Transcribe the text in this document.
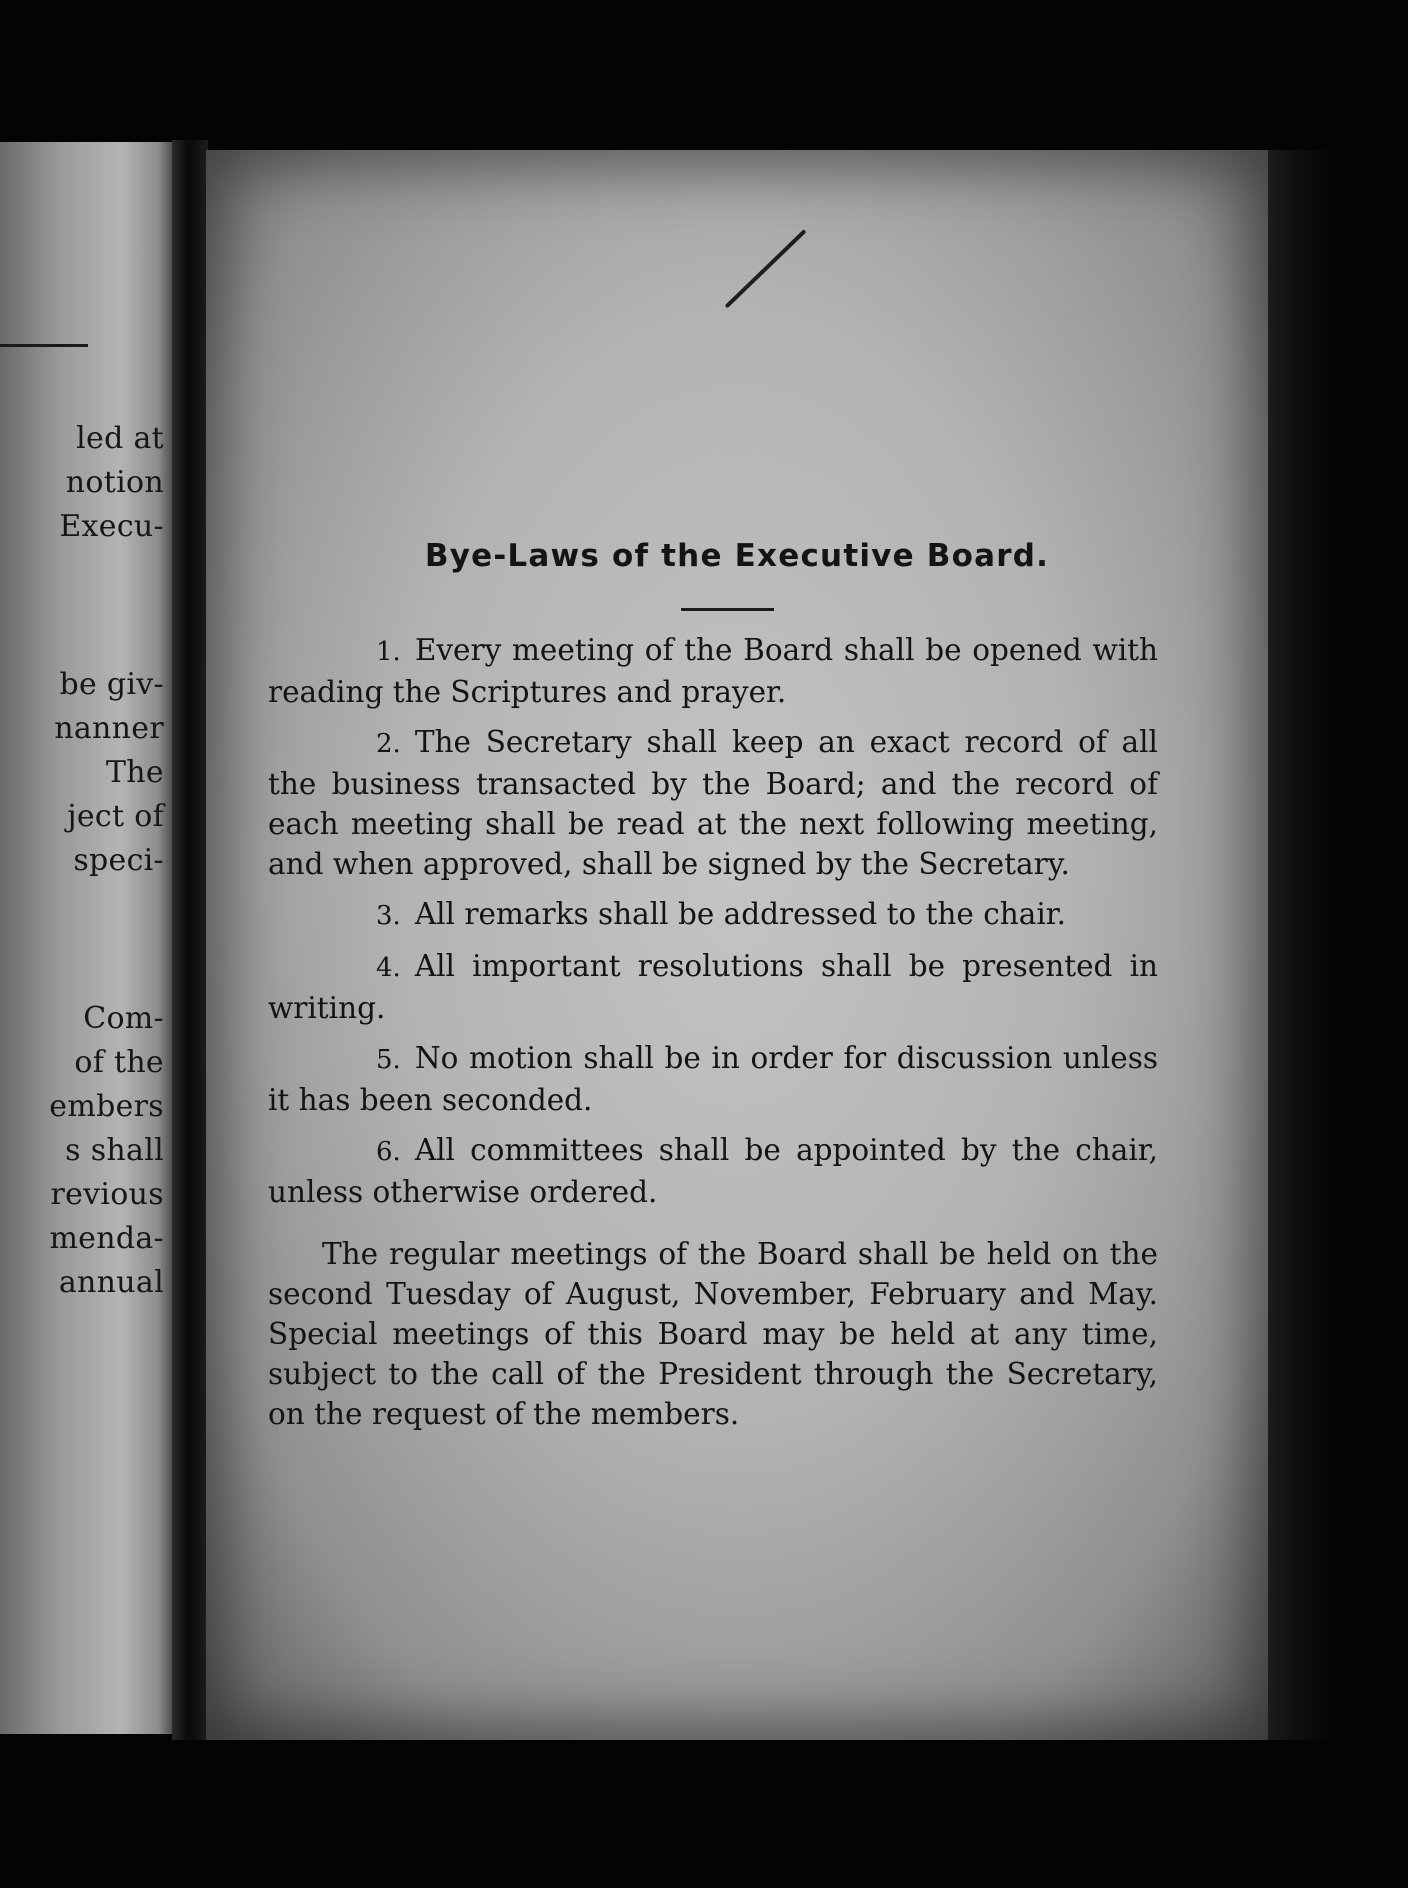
led at
notion
Execu-
be giv-
nanner
The
ject of
speci-
Com-
of the
embers
s shall
revious
menda-
annual
Bye-Laws of the Executive Board.

1. Every meeting of the Board shall be opened with reading the Scriptures and prayer.

2. The Secretary shall keep an exact record of all the business transacted by the Board; and the record of each meeting shall be read at the next following meeting, and when approved, shall be signed by the Secretary.

3. All remarks shall be addressed to the chair.

4. All important resolutions shall be presented in writing.

5. No motion shall be in order for discussion unless it has been seconded.

6. All committees shall be appointed by the chair, unless otherwise ordered.

The regular meetings of the Board shall be held on the second Tuesday of August, November, February and May. Special meetings of this Board may be held at any time, subject to the call of the President through the Secretary, on the request of the members.
